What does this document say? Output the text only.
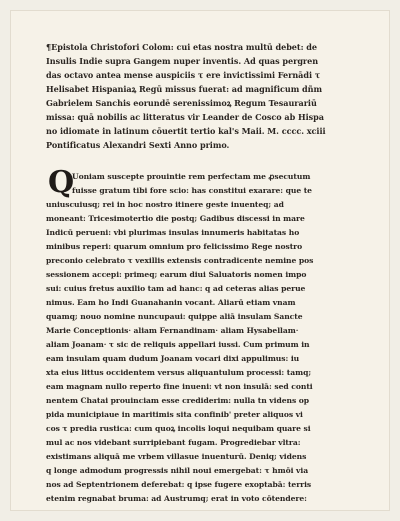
¶Epistola Christofori Colom: cui etas nostra multū debet: de
Insulis Indie supra Gangem nuper inventis. Ad quas pergren
das octavo antea mense auspiciis τ ere invictissimi Fernādi τ
Helisabet Hispaniaꝝ Regū missus fuerat: ad magnificum dñm
Gabrielem Sanchis eorundē serenissimoꝝ Regum Tesaurariū
missa: quā nobilis ac litteratus vir Leander de Cosco ab Hispa
no idiomate in latinum cōuertit tertio kal's Maii. M. cccc. xciii
Pontificatus Alexandri Sexti Anno primo.
Q
Uoniam suscepte prouintie rem perfectam me ꝓsecutum
fuisse gratum tibi fore scio: has constitui exarare: que te
uniuscuiusq; rei in hoc nostro itinere geste inuenteq; ad
moneant: Tricesimotertio die postq; Gadibus discessi in mare
Indicū perueni: vbi plurimas insulas innumeris habitatas ho
minibus reperi: quarum omnium pro felicissimo Rege nostro
preconio celebrato τ vexillis extensis contradicente nemine pos
sessionem accepi: primeq; earum diui Saluatoris nomen impo
sui: cuius fretus auxilio tam ad hanc: q ad ceteras alias perue
nimus. Eam ho Indi Guanahanin vocant. Aliarū etiam vnam
quamq; nouo nomine nuncupaui: quippe aliā insulam Sancte
Marie Conceptionis· aliam Fernandinam· aliam Hysabellam·
aliam Joanam· τ sic de reliquis appellari iussi. Cum primum in
eam insulam quam dudum Joanam vocari dixi appulimus: iu
xta eius littus occidentem versus aliquantulum processi: tamq;
eam magnam nullo reperto fine inueni: vt non insulā: sed conti
nentem Chatai prouinciam esse crediderim: nulla tn videns op
pida municipiaue in maritimis sita confinib' preter aliquos vi
cos τ predia rustica: cum quoꝝ incolis loqui nequibam quare si
mul ac nos videbant surripiebant fugam. Progrediebar vltra:
existimans aliquā me vrbem villasue inuenturū. Deniq; videns
q longe admodum progressis nihil noui emergebat: τ hmōi via
nos ad Septentrionem deferebat: q ipse fugere exoptabā: terris
etenim regnabat bruma: ad Austrumq; erat in voto cōtendere:
